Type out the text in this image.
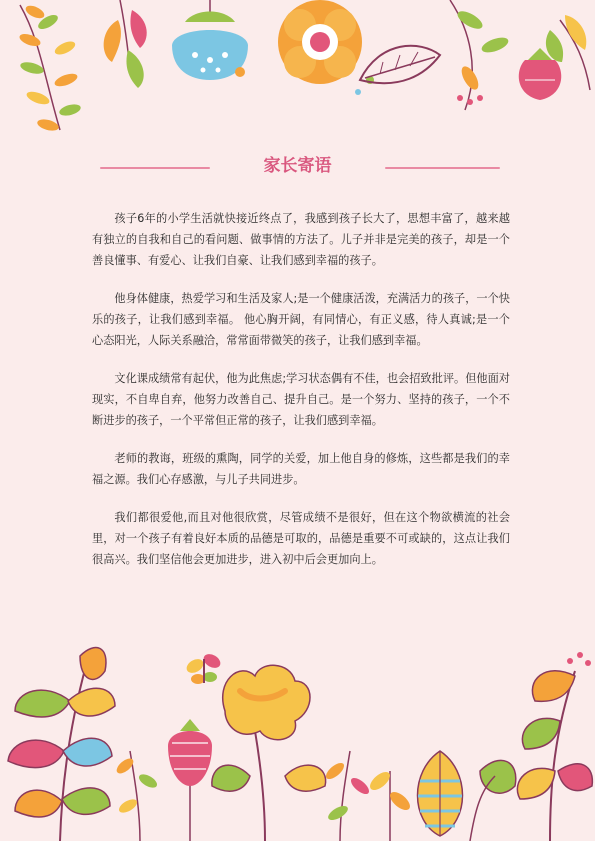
家长寄语

孩子6年的小学生活就快接近终点了，我感到孩子长大了，思想丰富了，越来越有独立的自我和自己的看问题、做事情的方法了。儿子并非是完美的孩子，却是一个善良懂事、有爱心、让我们自豪、让我们感到幸福的孩子。

他身体健康，热爱学习和生活及家人;是一个健康活泼，充满活力的孩子，一个快乐的孩子，让我们感到幸福。 他心胸开阔，有同情心，有正义感，待人真诚;是一个心态阳光，人际关系融洽，常常面带微笑的孩子，让我们感到幸福。

文化课成绩常有起伏，他为此焦虑;学习状态偶有不佳，也会招致批评。但他面对现实，不自卑自弃，他努力改善自己、提升自己。是一个努力、坚持的孩子，一个不断进步的孩子，一个平常但正常的孩子，让我们感到幸福。

老师的教诲，班级的熏陶，同学的关爱，加上他自身的修炼，这些都是我们的幸福之源。我们心存感激，与儿子共同进步。

我们都很爱他,而且对他很欣赏，尽管成绩不是很好，但在这个物欲横流的社会里，对一个孩子有着良好本质的品德是可取的，品德是重要不可或缺的，这点让我们很高兴。我们坚信他会更加进步，进入初中后会更加向上。
